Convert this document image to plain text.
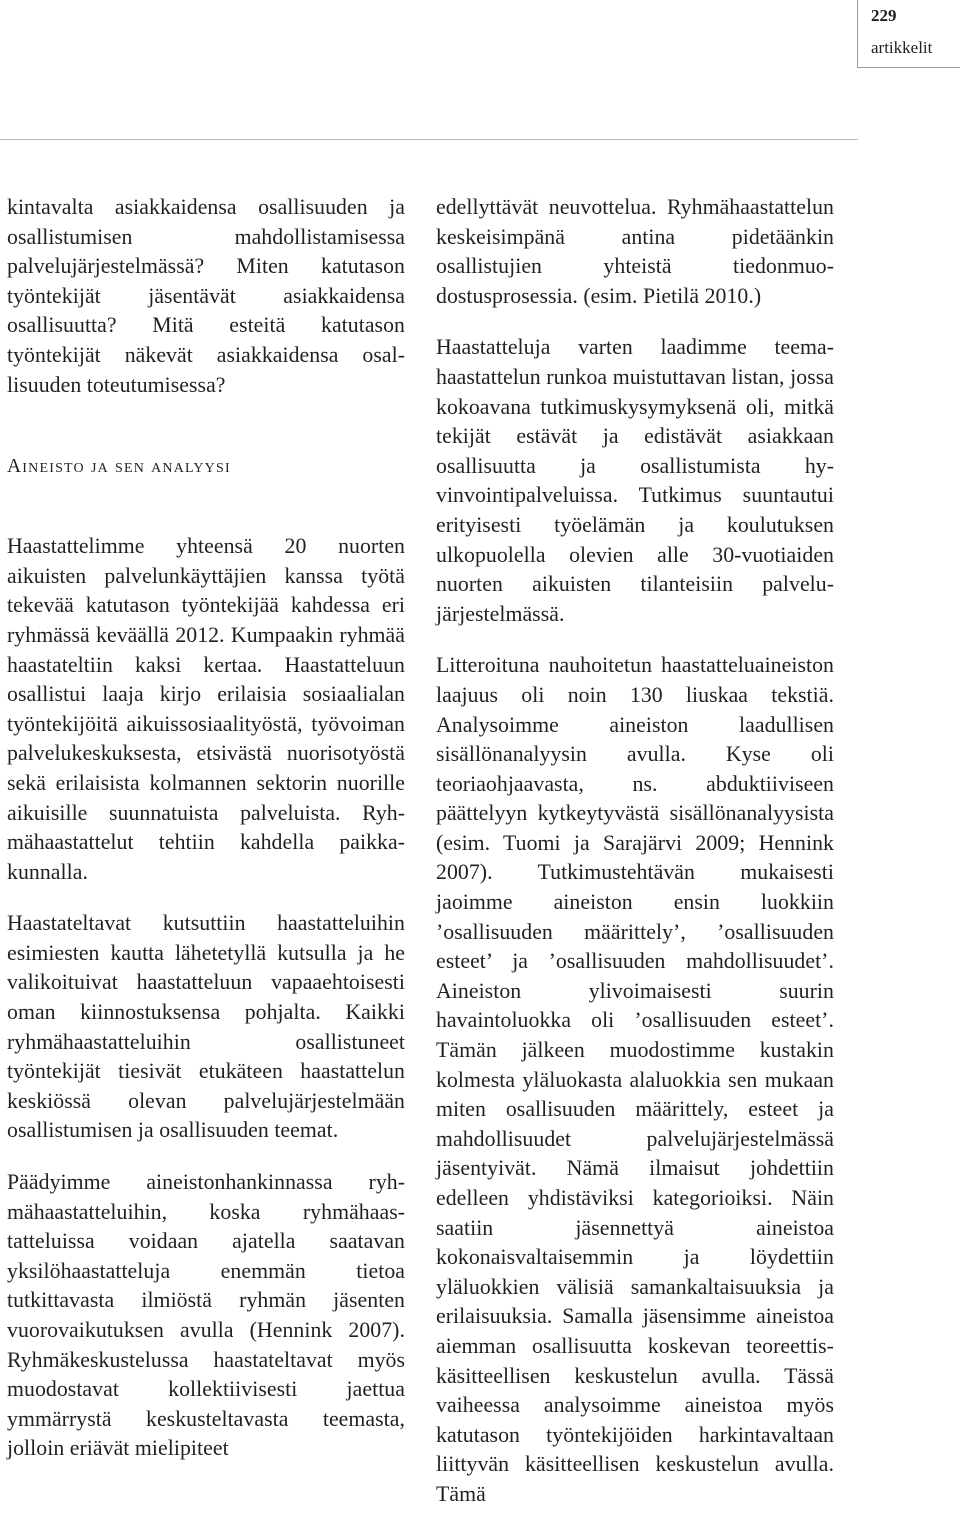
229
artikkelit

kintavalta asiakkaidensa osallisuuden ja osallistumisen mahdollistamisessa palvelujärjestelmässä? Miten katutason työntekijät jäsentävät asiakkaidensa osallisuutta? Mitä esteitä katutason työntekijät näkevät asiakkaidensa osallisuuden toteutumisessa?

Aineisto ja sen analyysi

Haastattelimme yhteensä 20 nuorten aikuisten palvelunkäyttäjien kanssa työtä tekevää katutason työntekijää kahdessa eri ryhmässä keväällä 2012. Kumpaakin ryhmää haastateltiin kaksi kertaa. Haastatteluun osallistui laaja kirjo erilaisia sosiaalialan työntekijöitä aikuissosiaalityöstä, työvoiman palvelukeskuksesta, etsivästä nuorisotyöstä sekä erilaisista kolmannen sektorin nuorille aikuisille suunnatuista palveluista. Ryhmähaastattelut tehtiin kahdella paikkakunnalla.

Haastateltavat kutsuttiin haastatteluihin esimiesten kautta lähetetyllä kutsulla ja he valikoituivat haastatteluun vapaaehtoisesti oman kiinnostuksensa pohjalta. Kaikki ryhmähaastatteluihin osallistuneet työntekijät tiesivät etukäteen haastattelun keskiössä olevan palvelujärjestelmään osallistumisen ja osallisuuden teemat.

Päädyimme aineistonhankinnassa ryhmähaastatteluihin, koska ryhmähaastatteluissa voidaan ajatella saatavan yksilöhaastatteluja enemmän tietoa tutkittavasta ilmiöstä ryhmän jäsenten vuorovaikutuksen avulla (Hennink 2007). Ryhmäkeskustelussa haastateltavat myös muodostavat kollektiivisesti jaettua ymmärrystä keskusteltavasta teemasta, jolloin eriävät mielipiteet

edellyttävät neuvottelua. Ryhmähaastattelun keskeisimpänä antina pidetäänkin osallistujien yhteistä tiedonmuodostusprosessia. (esim. Pietilä 2010.)

Haastatteluja varten laadimme teemahaastattelun runkoa muistuttavan listan, jossa kokoavana tutkimuskysymyksenä oli, mitkä tekijät estävät ja edistävät asiakkaan osallisuutta ja osallistumista hyvinvointipalveluissa. Tutkimus suuntautui erityisesti työelämän ja koulutuksen ulkopuolella olevien alle 30-vuotiaiden nuorten aikuisten tilanteisiin palvelujärjestelmässä.

Litteroituna nauhoitetun haastatteluaineiston laajuus oli noin 130 liuskaa tekstiä. Analysoimme aineiston laadullisen sisällönanalyysin avulla. Kyse oli teoriaohjaavasta, ns. abduktiiviseen päättelyyn kytkeytyvästä sisällönanalyysista (esim. Tuomi ja Sarajärvi 2009; Hennink 2007). Tutkimustehtävän mukaisesti jaoimme aineiston ensin luokkiin ’osallisuuden määrittely’, ’osallisuuden esteet’ ja ’osallisuuden mahdollisuudet’. Aineiston ylivoimaisesti suurin havaintoluokka oli ’osallisuuden esteet’. Tämän jälkeen muodostimme kustakin kolmesta yläluokasta alaluokkia sen mukaan miten osallisuuden määrittely, esteet ja mahdollisuudet palvelujärjestelmässä jäsentyivät. Nämä ilmaisut johdettiin edelleen yhdistäviksi kategorioiksi. Näin saatiin jäsennettyä aineistoa kokonaisvaltaisemmin ja löydettiin yläluokkien välisiä samankaltaisuuksia ja erilaisuuksia. Samalla jäsensimme aineistoa aiemman osallisuutta koskevan teoreettis-käsitteellisen keskustelun avulla. Tässä vaiheessa analysoimme aineistoa myös katutason työntekijöiden harkintavaltaan liittyvän käsitteellisen keskustelun avulla. Tämä
